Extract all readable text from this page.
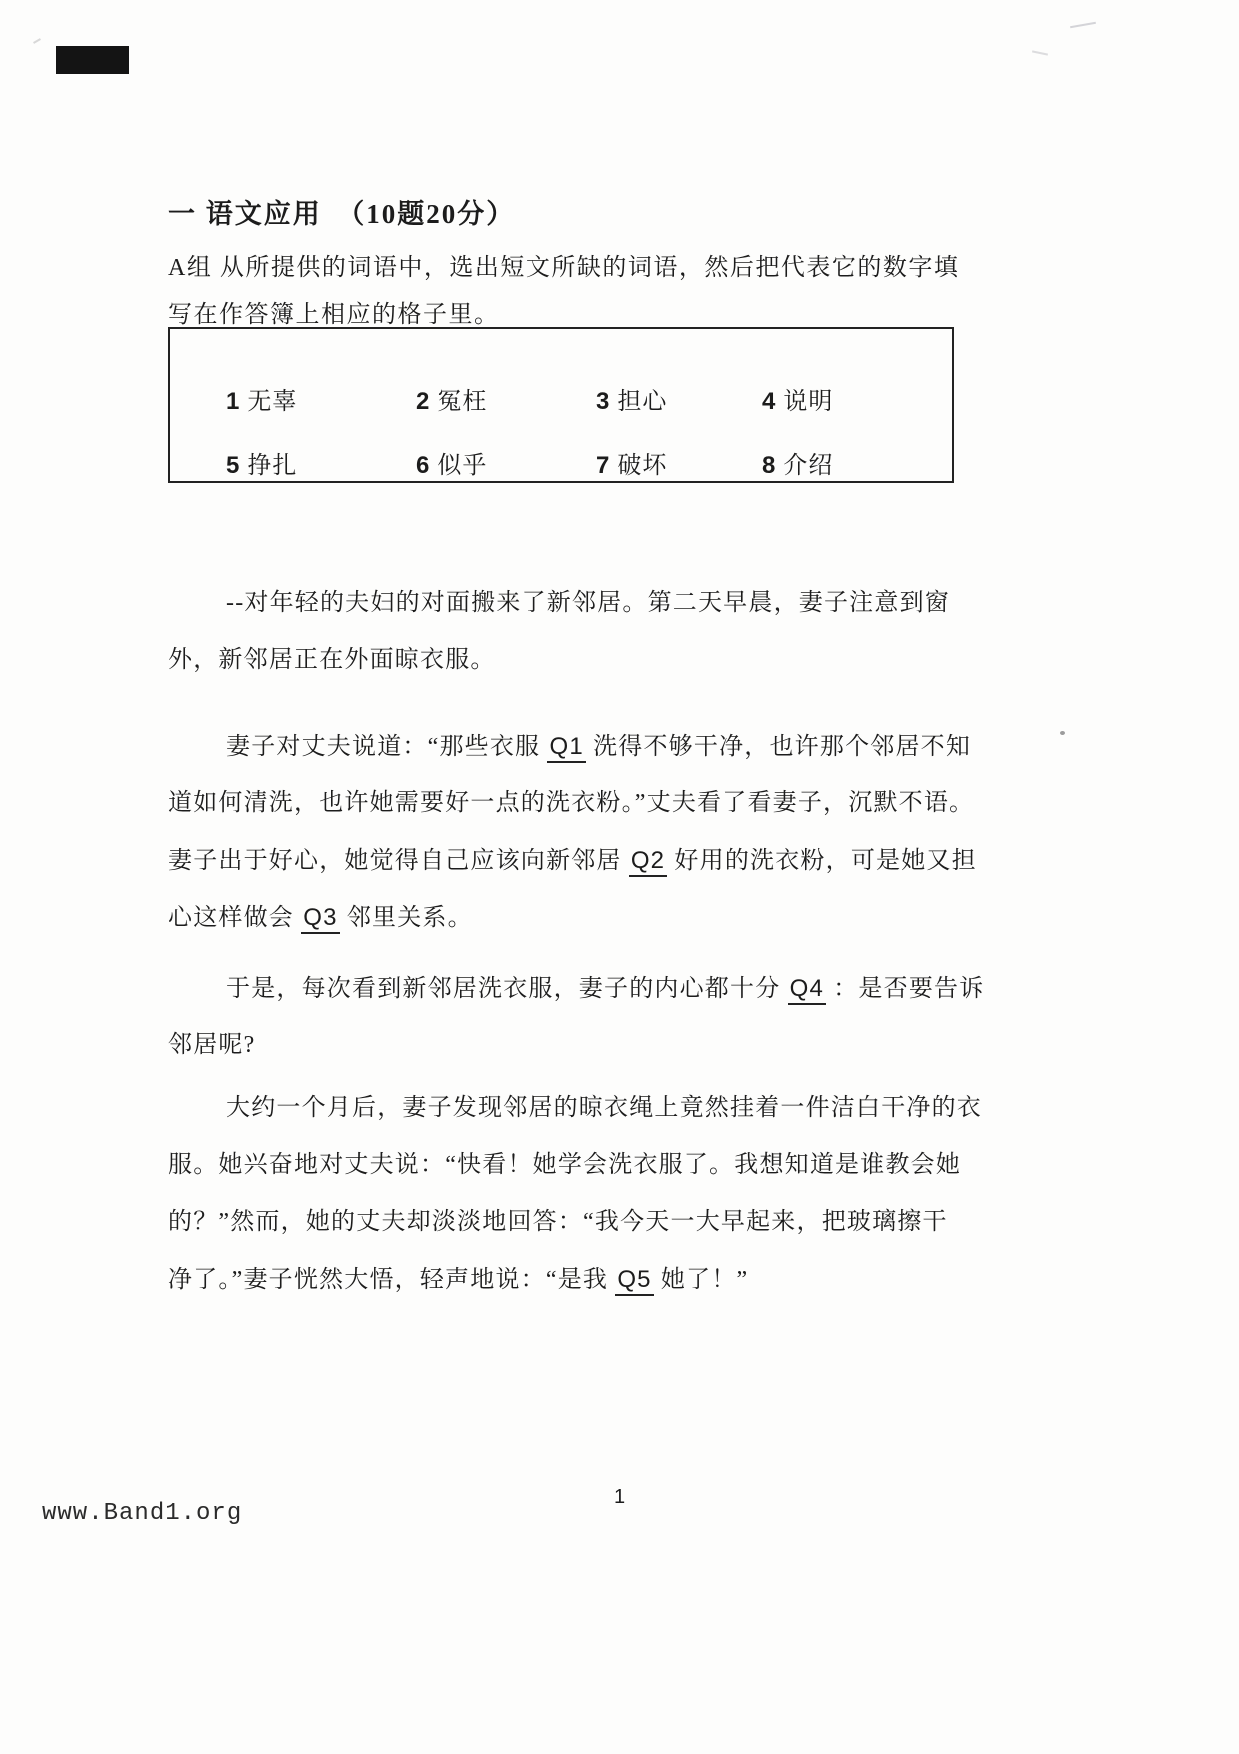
一 语文应用　（10题20分）
A组 从所提供的词语中，选出短文所缺的词语，然后把代表它的数字填
写在作答簿上相应的格子里。
1 无辜	2 冤枉	3 担心	4 说明
5 挣扎	6 似乎	7 破坏	8 介绍
--对年轻的夫妇的对面搬来了新邻居。第二天早晨，妻子注意到窗
外，新邻居正在外面晾衣服。
妻子对丈夫说道：“那些衣服 Q1 洗得不够干净，也许那个邻居不知
道如何清洗，也许她需要好一点的洗衣粉。”丈夫看了看妻子，沉默不语。
妻子出于好心，她觉得自己应该向新邻居 Q2 好用的洗衣粉，可是她又担
心这样做会 Q3 邻里关系。
于是，每次看到新邻居洗衣服，妻子的内心都十分 Q4 ：是否要告诉
邻居呢?
大约一个月后，妻子发现邻居的晾衣绳上竟然挂着一件洁白干净的衣
服。她兴奋地对丈夫说：“快看！她学会洗衣服了。我想知道是谁教会她
的？”然而，她的丈夫却淡淡地回答：“我今天一大早起来，把玻璃擦干
净了。”妻子恍然大悟，轻声地说：“是我 Q5 她了！”
1
www.Band1.org
